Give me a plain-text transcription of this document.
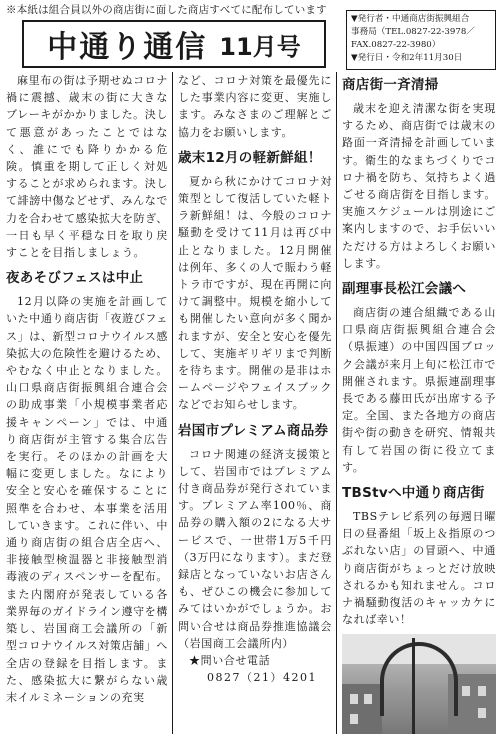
※本紙は組合員以外の商店街に面した商店すべてに配布しています
中通り通信 11月号
▼発行者・中通商店街振興組合
事務局（TEL.0827-22-3978／
FAX.0827-22-3980）
▼発行日・令和2年11月30日

麻里布の街は予期せぬコロナ禍に震撼、歳末の街に大きなブレーキがかかりました。決して悪意があったことではなく、誰にでも降りかかる危険。慎重を期して正しく対処することが求められます。決して誹謗中傷などせず、みんなで力を合わせて感染拡大を防ぎ、一日も早く平穏な日を取り戻すことを目指しましょう。

夜あそびフェスは中止

12月以降の実施を計画していた中通り商店街「夜遊びフェス」は、新型コロナウイルス感染拡大の危険性を避けるため、やむなく中止となりました。山口県商店街振興組合連合会の助成事業「小規模事業者応援キャンペーン」では、中通り商店街が主管する集合広告を実行。そのほかの計画を大幅に変更しました。なにより安全と安心を確保することに照準を合わせ、本事業を活用していきます。これに伴い、中通り商店街の組合店全店へ、非接触型検温器と非接触型消毒液のディスペンサーを配布。また内閣府が発表している各業界毎のガイドライン遵守を構築し、岩国商工会議所の「新型コロナウイルス対策店舗」へ全店の登録を目指します。また、感染拡大に繋がらない歳末イルミネーションの充実

など、コロナ対策を最優先にした事業内容に変更、実施します。みなさまのご理解とご協力をお願いします。

歳末12月の軽新鮮組！

夏から秋にかけてコロナ対策型として復活していた軽トラ新鮮組！は、今般のコロナ騒動を受けて11月は再び中止となりました。12月開催は例年、多くの人で賑わう軽トラ市ですが、現在再開に向けて調整中。規模を縮小しても開催したい意向が多く聞かれますが、安全と安心を優先して、実施ギリギリまで判断を待ちます。開催の是非はホームページやフェイスブックなどでお知らせします。

岩国市プレミアム商品券

コロナ関連の経済支援策として、岩国市ではプレミアム付き商品券が発行されています。プレミアム率100％、商品券の購入額の2になる大サービスで、一世帯1万5千円（3万円になります）。まだ登録店となっていないお店さんも、ぜひこの機会に参加してみてはいかがでしょうか。お問い合せは商品券推進協議会（岩国商工会議所内）

★問い合せ電話

0827（21）4201

商店街一斉清掃

歳末を迎え清潔な街を実現するため、商店街では歳末の路面一斉清掃を計画しています。衛生的なまちづくりでコロナ禍を防ち、気持ちよく過ごせる商店街を目指します。実施スケジュールは別途にご案内しますので、お手伝いいただける方はよろしくお願いします。

副理事長松江会議へ

商店街の連合組織である山口県商店街振興組合連合会（県振連）の中国四国ブロック会議が来月上旬に松江市で開催されます。県振連副理事長である藤田氏が出席する予定。全国、また各地方の商店街や街の動きを研究、情報共有して岩国の街に役立てます。

TBStvへ中通り商店街

TBSテレビ系列の毎週日曜日の昼番組「坂上＆指原のつぶれない店」の冒頭へ、中通り商店街がちょっとだけ放映されるかも知れません。コロナ禍騒動復活のキャッカケになれば幸い！
